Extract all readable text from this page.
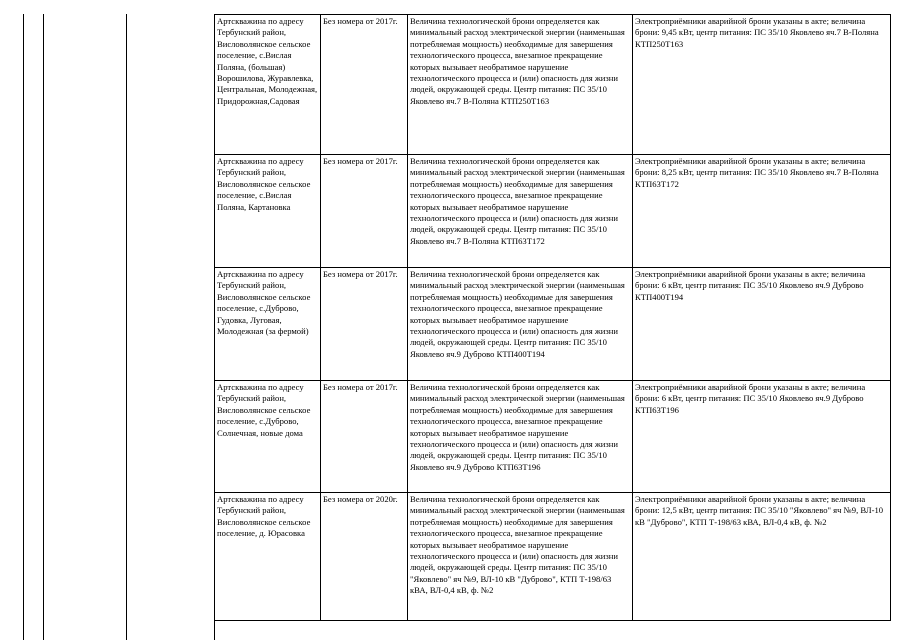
Артскважина по адресу Тербунский район, Висловолянское сельское поселение, с.Вислая Поляна, (большая) Ворошилова, Журавлевка, Центральная, Молодежная, Придорожная,Садовая	Без номера от 2017г.	Величина технологической брони определяется как минимальный расход электрической энергии (наименьшая потребляемая мощность) необходимые для завершения технологического процесса, внезапное прекращение которых вызывает необратимое нарушение технологического процесса и (или) опасность для жизни людей, окружающей среды. Центр питания: ПС 35/10 Яковлево яч.7 В-Поляна КТП250Т163	Электроприёмники аварийной брони указаны в акте; величина брони: 9,45 кВт, центр питания: ПС 35/10 Яковлево яч.7 В-Поляна КТП250Т163
Артскважина по адресу Тербунский район, Висловолянское сельское поселение, с.Вислая Поляна, Картановка	Без номера от 2017г.	Величина технологической брони определяется как минимальный расход электрической энергии (наименьшая потребляемая мощность) необходимые для завершения технологического процесса, внезапное прекращение которых вызывает необратимое нарушение технологического процесса и (или) опасность для жизни людей, окружающей среды. Центр питания: ПС 35/10 Яковлево яч.7 В-Поляна КТП63Т172	Электроприёмники аварийной брони указаны в акте; величина брони: 8,25 кВт, центр питания: ПС 35/10 Яковлево яч.7 В-Поляна КТП63Т172
Артскважина по адресу Тербунский район, Висловолянское сельское поселение, с.Дуброво, Гудовка, Луговая, Молодежная (за фермой)	Без номера от 2017г.	Величина технологической брони определяется как минимальный расход электрической энергии (наименьшая потребляемая мощность) необходимые для завершения технологического процесса, внезапное прекращение которых вызывает необратимое нарушение технологического процесса и (или) опасность для жизни людей, окружающей среды. Центр питания: ПС 35/10 Яковлево яч.9 Дуброво КТП400Т194	Электроприёмники аварийной брони указаны в акте; величина брони: 6 кВт, центр питания: ПС 35/10 Яковлево яч.9 Дуброво КТП400Т194
Артскважина по адресу Тербунский район, Висловолянское сельское поселение, с.Дуброво, Солнечная, новые дома	Без номера от 2017г.	Величина технологической брони определяется как минимальный расход электрической энергии (наименьшая потребляемая мощность) необходимые для завершения технологического процесса, внезапное прекращение которых вызывает необратимое нарушение технологического процесса и (или) опасность для жизни людей, окружающей среды. Центр питания: ПС 35/10 Яковлево яч.9 Дуброво КТП63Т196	Электроприёмники аварийной брони указаны в акте; величина брони: 6 кВт, центр питания: ПС 35/10 Яковлево яч.9 Дуброво КТП63Т196
Артскважина по адресу Тербунский район, Висловолянское сельское поселение, д. Юрасовка	Без номера от 2020г.	Величина технологической брони определяется как минимальный расход электрической энергии (наименьшая потребляемая мощность) необходимые для завершения технологического процесса, внезапное прекращение которых вызывает необратимое нарушение технологического процесса и (или) опасность для жизни людей, окружающей среды. Центр питания: ПС 35/10 "Яковлево" яч №9, ВЛ-10 кВ "Дуброво", КТП Т-198/63 кВА, ВЛ-0,4 кВ, ф. №2	Электроприёмники аварийной брони указаны в акте; величина брони: 12,5 кВт, центр питания: ПС 35/10 "Яковлево" яч №9, ВЛ-10 кВ "Дуброво", КТП Т-198/63 кВА, ВЛ-0,4 кВ, ф. №2
